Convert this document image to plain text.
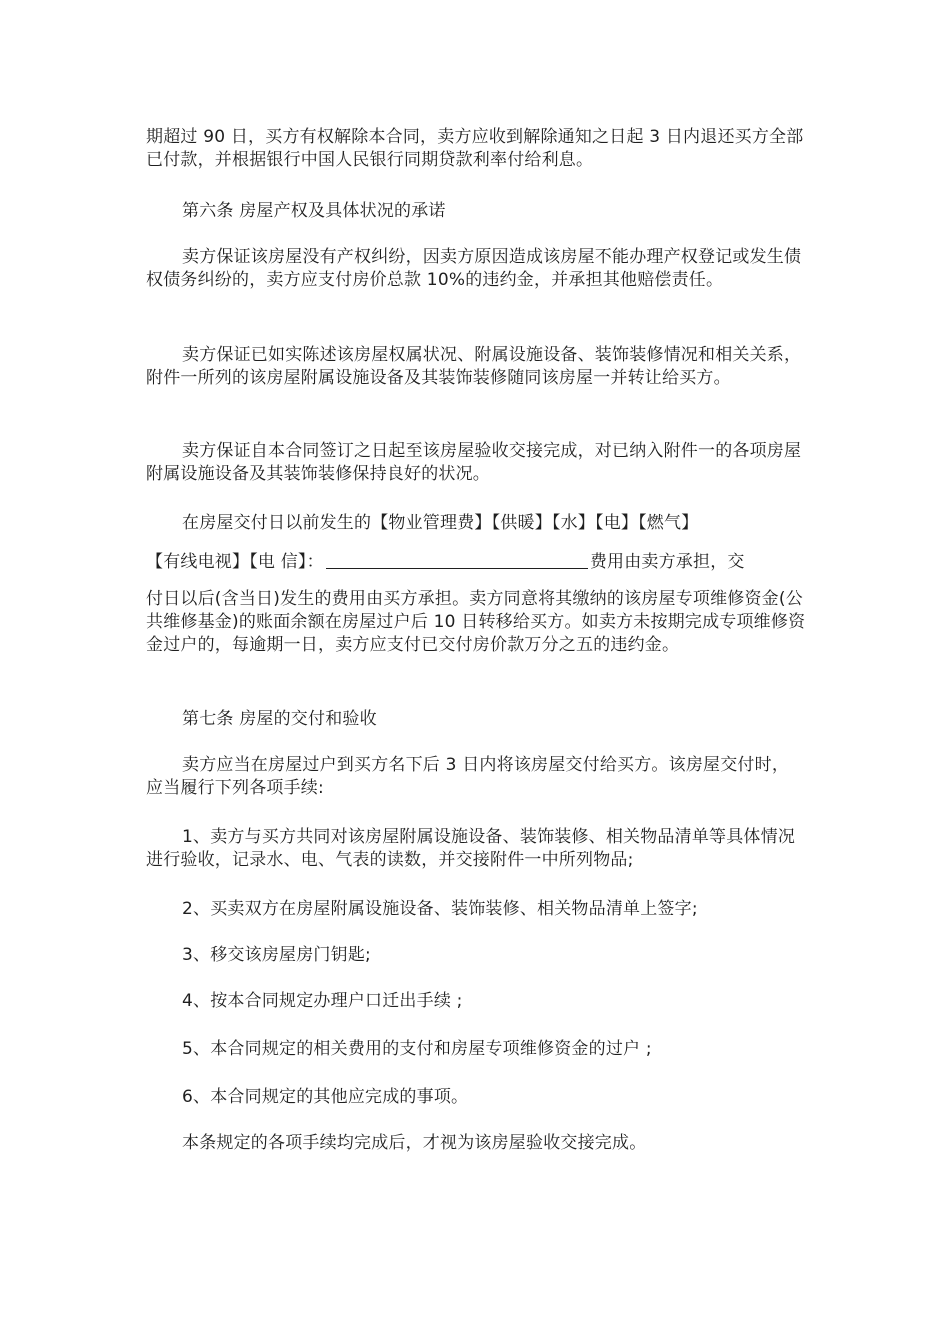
期超过 90 日，买方有权解除本合同，卖方应收到解除通知之日起 3 日内退还买方全部已付款，并根据银行中国人民银行同期贷款利率付给利息。

第六条 房屋产权及具体状况的承诺

卖方保证该房屋没有产权纠纷，因卖方原因造成该房屋不能办理产权登记或发生债权债务纠纷的，卖方应支付房价总款 10%的违约金，并承担其他赔偿责任。

卖方保证已如实陈述该房屋权属状况、附属设施设备、装饰装修情况和相关关系，附件一所列的该房屋附属设施设备及其装饰装修随同该房屋一并转让给买方。

卖方保证自本合同签订之日起至该房屋验收交接完成，对已纳入附件一的各项房屋附属设施设备及其装饰装修保持良好的状况。

在房屋交付日以前发生的【物业管理费】【供暖】【水】【电】【燃气】

【有线电视】【电 信】：	费用由卖方承担，交

付日以后(含当日)发生的费用由买方承担。卖方同意将其缴纳的该房屋专项维修资金(公共维修基金)的账面余额在房屋过户后 10 日转移给买方。如卖方未按期完成专项维修资金过户的，每逾期一日，卖方应支付已交付房价款万分之五的违约金。

第七条 房屋的交付和验收

卖方应当在房屋过户到买方名下后 3 日内将该房屋交付给买方。该房屋交付时，应当履行下列各项手续:

1、卖方与买方共同对该房屋附属设施设备、装饰装修、相关物品清单等具体情况进行验收，记录水、电、气表的读数，并交接附件一中所列物品;

2、买卖双方在房屋附属设施设备、装饰装修、相关物品清单上签字;

3、移交该房屋房门钥匙;

4、按本合同规定办理户口迁出手续 ;

5、本合同规定的相关费用的支付和房屋专项维修资金的过户 ;

6、本合同规定的其他应完成的事项。

本条规定的各项手续均完成后，才视为该房屋验收交接完成。
